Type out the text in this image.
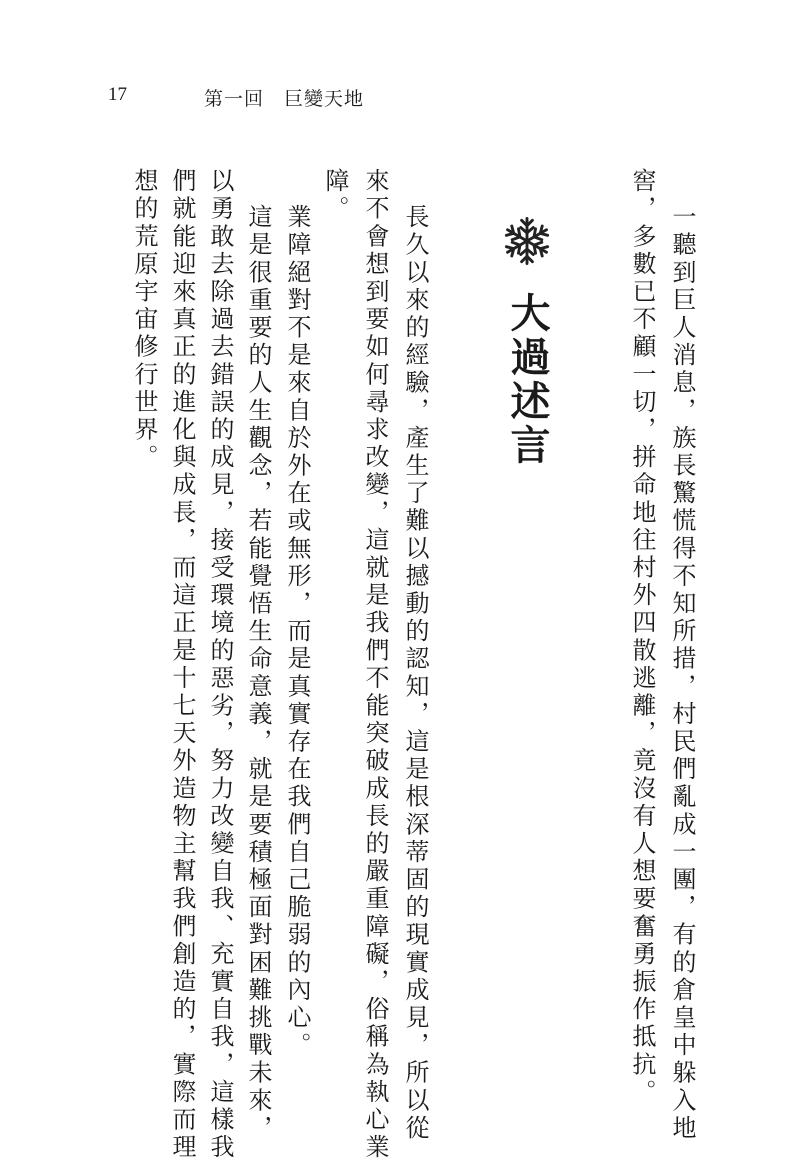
17	第一回　巨變天地
一聽到巨人消息，族長驚慌得不知所措，村民們亂成一團，有的倉皇中躲入地
窖，多數已不顧一切，拼命地往村外四散逃離，竟沒有人想要奮勇振作抵抗。
大過述言
長久以來的經驗，產生了難以撼動的認知，這是根深蒂固的現實成見，所以從
來不會想到要如何尋求改變，這就是我們不能突破成長的嚴重障礙，俗稱為執心業
障。
業障絕對不是來自於外在或無形，而是真實存在我們自己脆弱的內心。
這是很重要的人生觀念，若能覺悟生命意義，就是要積極面對困難挑戰未來，
以勇敢去除過去錯誤的成見，接受環境的惡劣，努力改變自我、充實自我，這樣我
們就能迎來真正的進化與成長，而這正是十七天外造物主幫我們創造的，實際而理
想的荒原宇宙修行世界。
